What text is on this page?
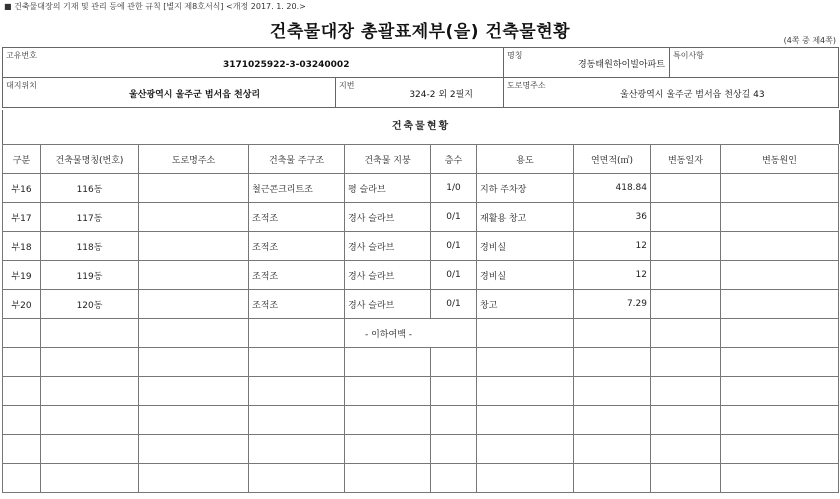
■ 건축물대장의 기재 및 관리 등에 관한 규칙 [별지 제8호서식] <개정 2017. 1. 20.>
건축물대장 총괄표제부(을) 건축물현황	(4쪽 중 제4쪽)
고유번호
3171025922-3-03240002		명칭
경동태원하이빌아파트	특이사항

대지위치
울산광역시 울주군 범서읍 천상리	지번
324-2 외 2필지	도로명주소
울산광역시 울주군 범서읍 천상길 43	
건축물현황
구분	건축물명칭(번호)	도로명주소	건축물 주구조	건축물 지붕	층수	용도	연면적(㎡)	변동일자	변동원인
부16	116동		철근콘크리트조	평 슬라브	1/0	지하 주차장	418.84		
부17	117동		조적조	경사 슬라브	0/1	재활용 창고	36		
부18	118동		조적조	경사 슬라브	0/1	경비실	12		
부19	119동		조적조	경사 슬라브	0/1	경비실	12		
부20	120동		조적조	경사 슬라브	0/1	창고	7.29		
				- 이하여백 -					
